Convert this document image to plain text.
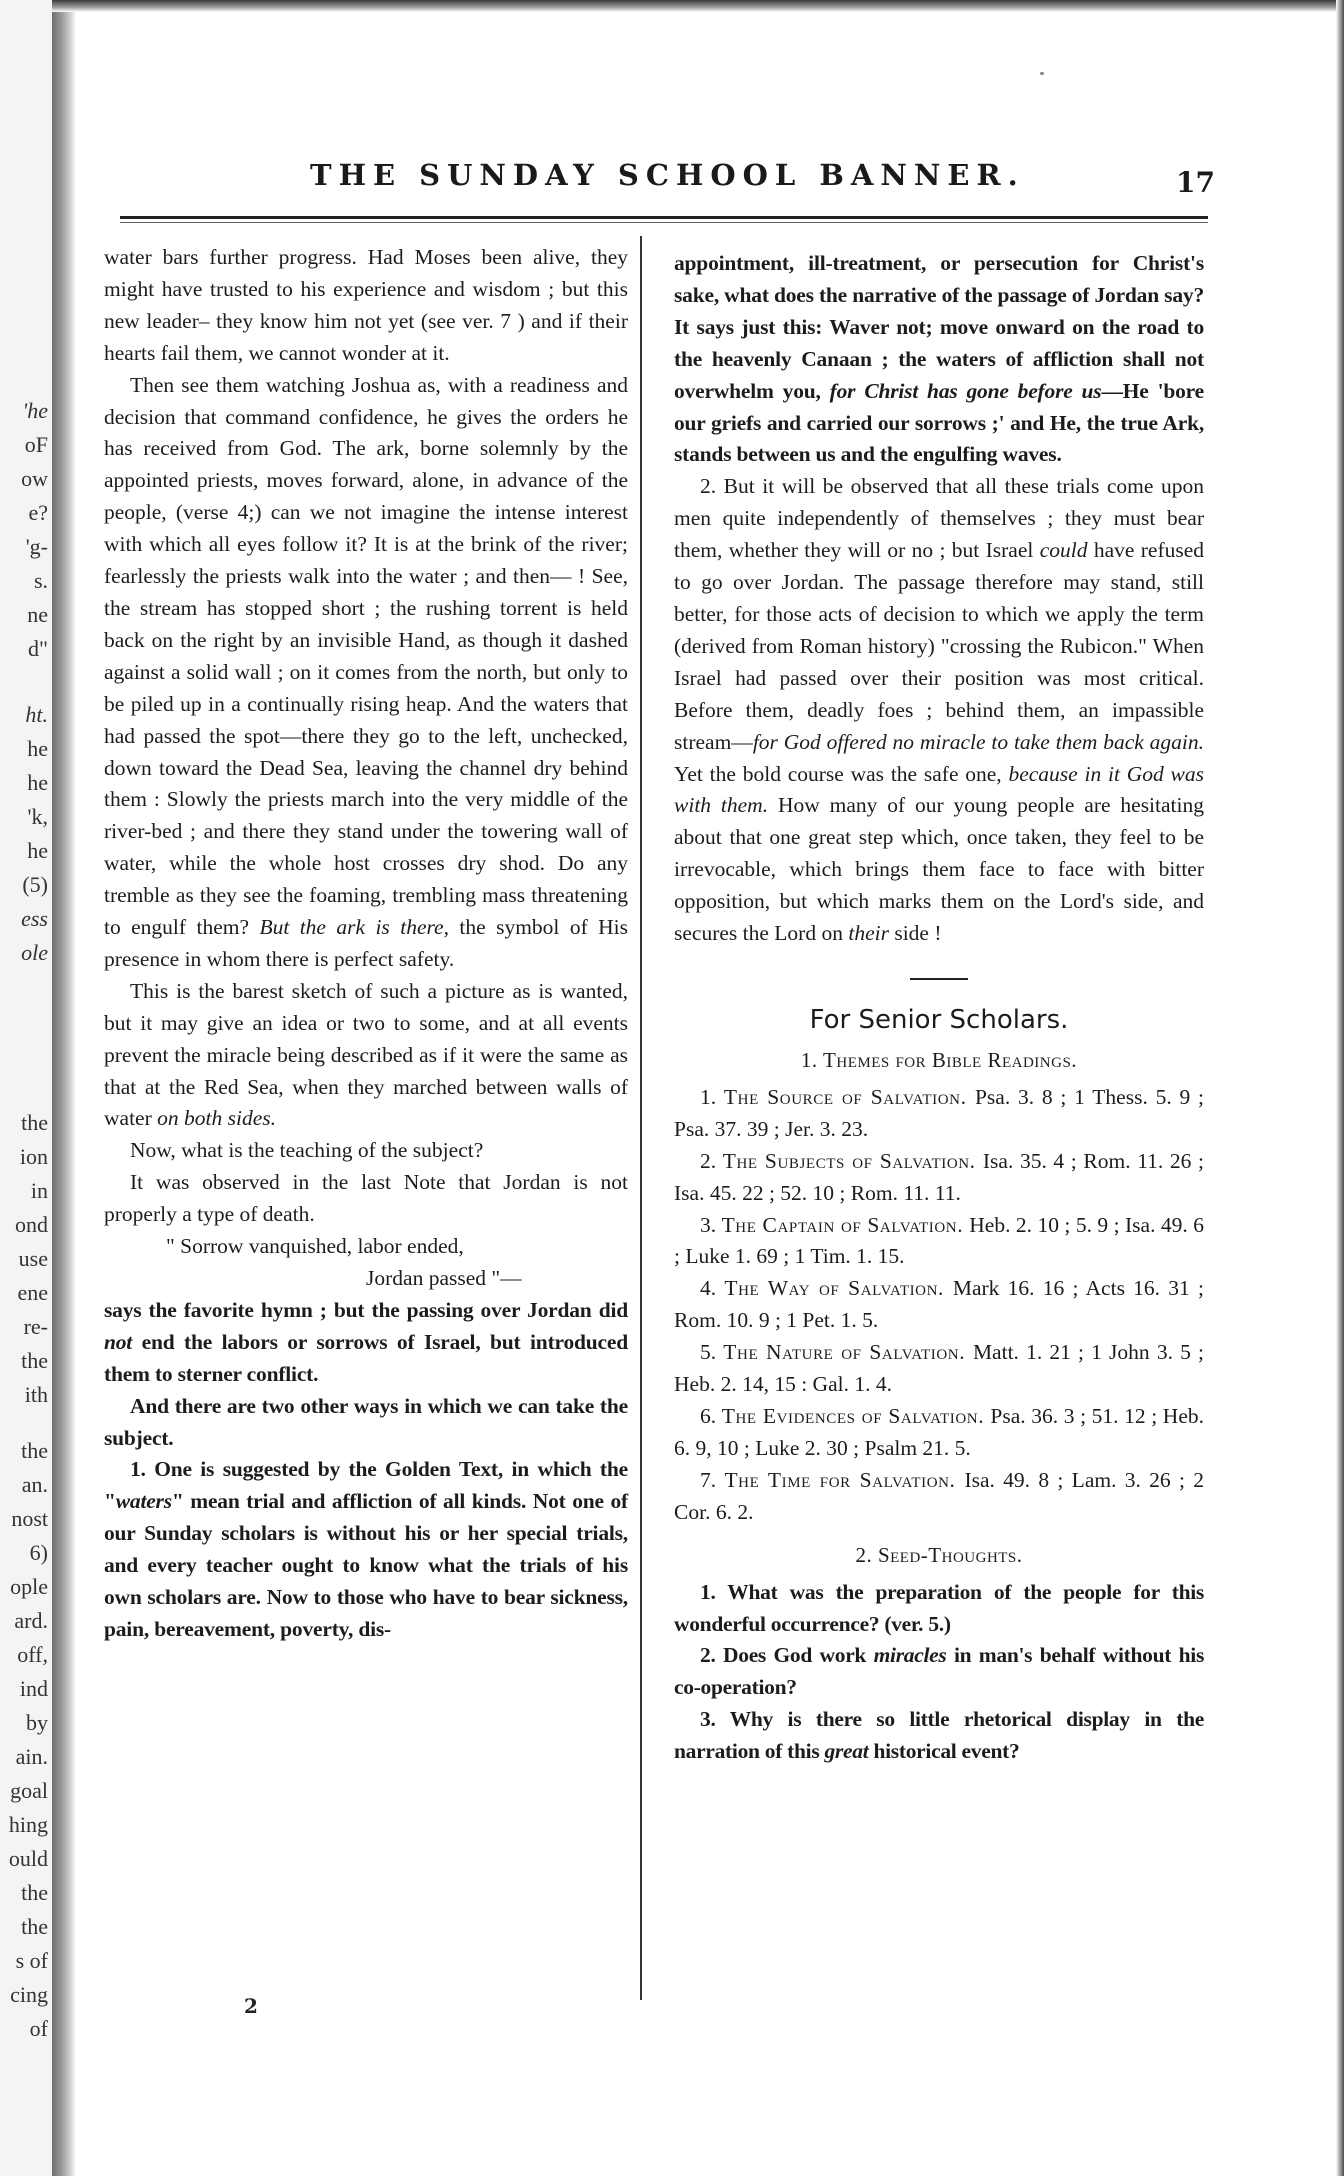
'he
oF
ow
e?
'g-
s.
ne
d"
ht.
he
he
'k,
he
(5)
ess
ole
the
ion
in
ond
use
ene
re-
the
ith
the
an.
nost
6)
ople
ard.
off,
ind
by
ain.
goal
hing
ould
the
the
s of
cing
of
THE SUNDAY SCHOOL BANNER.	17

water bars further progress. Had Moses been alive, they might have trusted to his experience and wisdom ; but this new leader– they know him not yet (see ver. 7 ) and if their hearts fail them, we cannot wonder at it.

Then see them watching Joshua as, with a readiness and decision that command confidence, he gives the orders he has received from God. The ark, borne solemnly by the appointed priests, moves forward, alone, in advance of the people, (verse 4;) can we not imagine the intense interest with which all eyes follow it? It is at the brink of the river; fearlessly the priests walk into the water ; and then— ! See, the stream has stopped short ; the rushing torrent is held back on the right by an invisible Hand, as though it dashed against a solid wall ; on it comes from the north, but only to be piled up in a continually rising heap. And the waters that had passed the spot—there they go to the left, unchecked, down toward the Dead Sea, leaving the channel dry behind them : Slowly the priests march into the very middle of the river-bed ; and there they stand under the towering wall of water, while the whole host crosses dry shod. Do any tremble as they see the foaming, trembling mass threatening to engulf them? But the ark is there, the symbol of His presence in whom there is perfect safety.

This is the barest sketch of such a picture as is wanted, but it may give an idea or two to some, and at all events prevent the miracle being described as if it were the same as that at the Red Sea, when they marched between walls of water on both sides.

Now, what is the teaching of the subject?

It was observed in the last Note that Jordan is not properly a type of death.

" Sorrow vanquished, labor ended,
Jordan passed "—

says the favorite hymn ; but the passing over Jordan did not end the labors or sorrows of Israel, but introduced them to sterner conflict.

And there are two other ways in which we can take the subject.

1. One is suggested by the Golden Text, in which the "waters" mean trial and affliction of all kinds. Not one of our Sunday scholars is without his or her special trials, and every teacher ought to know what the trials of his own scholars are. Now to those who have to bear sickness, pain, bereavement, poverty, dis-

appointment, ill-treatment, or persecution for Christ's sake, what does the narrative of the passage of Jordan say? It says just this: Waver not; move onward on the road to the heavenly Canaan ; the waters of affliction shall not overwhelm you, for Christ has gone before us—He 'bore our griefs and carried our sorrows ;' and He, the true Ark, stands between us and the engulfing waves.

2. But it will be observed that all these trials come upon men quite independently of themselves ; they must bear them, whether they will or no ; but Israel could have refused to go over Jordan. The passage therefore may stand, still better, for those acts of decision to which we apply the term (derived from Roman history) "crossing the Rubicon." When Israel had passed over their position was most critical. Before them, deadly foes ; behind them, an impassible stream—for God offered no miracle to take them back again. Yet the bold course was the safe one, because in it God was with them. How many of our young people are hesitating about that one great step which, once taken, they feel to be irrevocable, which brings them face to face with bitter opposition, but which marks them on the Lord's side, and secures the Lord on their side !

For Senior Scholars.
1. Themes for Bible Readings.

1. The Source of Salvation. Psa. 3. 8 ; 1 Thess. 5. 9 ; Psa. 37. 39 ; Jer. 3. 23.

2. The Subjects of Salvation. Isa. 35. 4 ; Rom. 11. 26 ; Isa. 45. 22 ; 52. 10 ; Rom. 11. 11.

3. The Captain of Salvation. Heb. 2. 10 ; 5. 9 ; Isa. 49. 6 ; Luke 1. 69 ; 1 Tim. 1. 15.

4. The Way of Salvation. Mark 16. 16 ; Acts 16. 31 ; Rom. 10. 9 ; 1 Pet. 1. 5.

5. The Nature of Salvation. Matt. 1. 21 ; 1 John 3. 5 ; Heb. 2. 14, 15 : Gal. 1. 4.

6. The Evidences of Salvation. Psa. 36. 3 ; 51. 12 ; Heb. 6. 9, 10 ; Luke 2. 30 ; Psalm 21. 5.

7. The Time for Salvation. Isa. 49. 8 ; Lam. 3. 26 ; 2 Cor. 6. 2.

2. Seed-Thoughts.

1. What was the preparation of the people for this wonderful occurrence? (ver. 5.)

2. Does God work miracles in man's behalf without his co-operation?

3. Why is there so little rhetorical display in the narration of this great historical event?

2
